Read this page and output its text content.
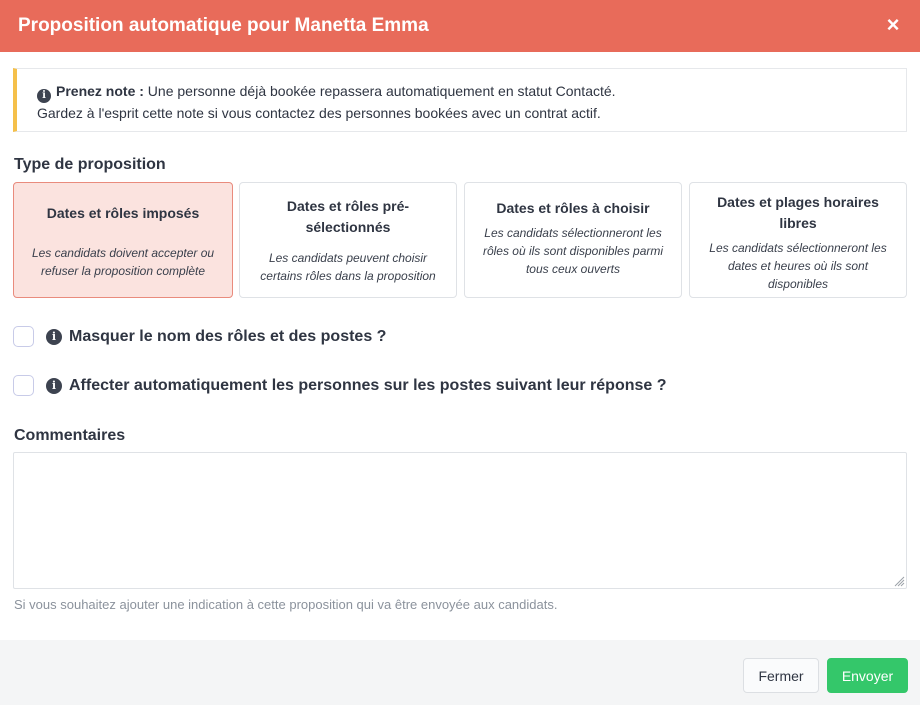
Proposition automatique pour Manetta Emma	×
i Prenez note : Une personne déjà bookée repassera automatiquement en statut Contacté.
Gardez à l'esprit cette note si vous contactez des personnes bookées avec un contrat actif.
Type de proposition
Dates et rôles imposés
Les candidats doivent accepter ou refuser la proposition complète
Dates et rôles pré-sélectionnés
Les candidats peuvent choisir certains rôles dans la proposition
Dates et rôles à choisir
Les candidats sélectionneront les rôles où ils sont disponibles parmi tous ceux ouverts
Dates et plages horaires libres
Les candidats sélectionneront les dates et heures où ils sont disponibles
i Masquer le nom des rôles et des postes ?
i Affecter automatiquement les personnes sur les postes suivant leur réponse ?
Commentaires
Si vous souhaitez ajouter une indication à cette proposition qui va être envoyée aux candidats.
Fermer	Envoyer
